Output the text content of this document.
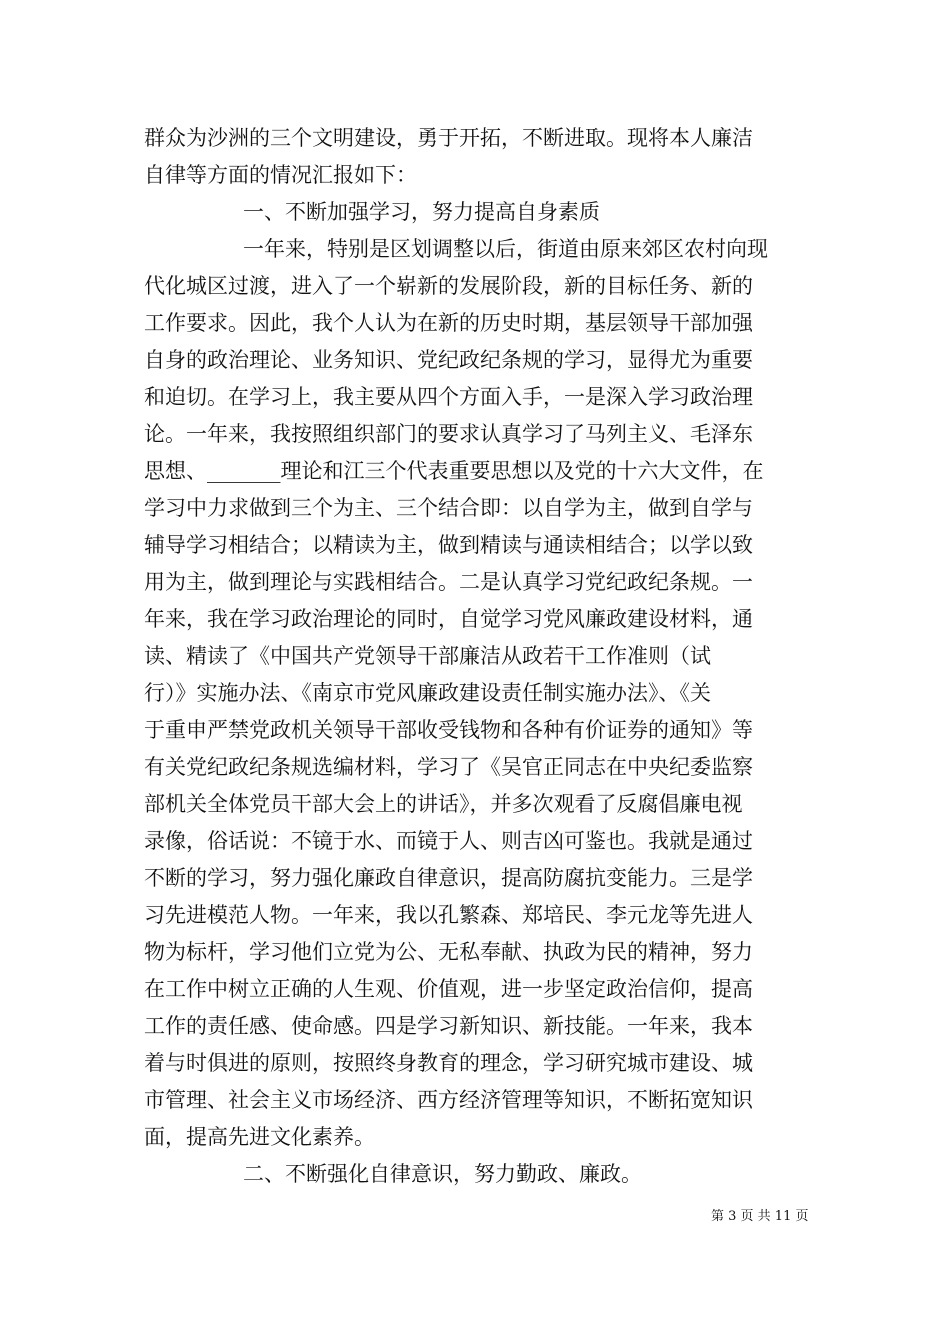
群众为沙洲的三个文明建设，勇于开拓，不断进取。现将本人廉洁
自律等方面的情况汇报如下：
一、不断加强学习，努力提高自身素质
一年来，特别是区划调整以后，街道由原来郊区农村向现
代化城区过渡，进入了一个崭新的发展阶段，新的目标任务、新的
工作要求。因此，我个人认为在新的历史时期，基层领导干部加强
自身的政治理论、业务知识、党纪政纪条规的学习，显得尤为重要
和迫切。在学习上，我主要从四个方面入手，一是深入学习政治理
论。一年来，我按照组织部门的要求认真学习了马列主义、毛泽东
思想、_______理论和江三个代表重要思想以及党的十六大文件，在
学习中力求做到三个为主、三个结合即：以自学为主，做到自学与
辅导学习相结合；以精读为主，做到精读与通读相结合；以学以致
用为主，做到理论与实践相结合。二是认真学习党纪政纪条规。一
年来，我在学习政治理论的同时，自觉学习党风廉政建设材料，通
读、精读了《中国共产党领导干部廉洁从政若干工作准则（试
行）》实施办法、《南京市党风廉政建设责任制实施办法》、《关
于重申严禁党政机关领导干部收受钱物和各种有价证券的通知》等
有关党纪政纪条规选编材料，学习了《吴官正同志在中央纪委监察
部机关全体党员干部大会上的讲话》，并多次观看了反腐倡廉电视
录像，俗话说：不镜于水、而镜于人、则吉凶可鉴也。我就是通过
不断的学习，努力强化廉政自律意识，提高防腐抗变能力。三是学
习先进模范人物。一年来，我以孔繁森、郑培民、李元龙等先进人
物为标杆，学习他们立党为公、无私奉献、执政为民的精神，努力
在工作中树立正确的人生观、价值观，进一步坚定政治信仰，提高
工作的责任感、使命感。四是学习新知识、新技能。一年来，我本
着与时俱进的原则，按照终身教育的理念，学习研究城市建设、城
市管理、社会主义市场经济、西方经济管理等知识，不断拓宽知识
面，提高先进文化素养。
二、不断强化自律意识，努力勤政、廉政。
第 3 页 共 11 页
